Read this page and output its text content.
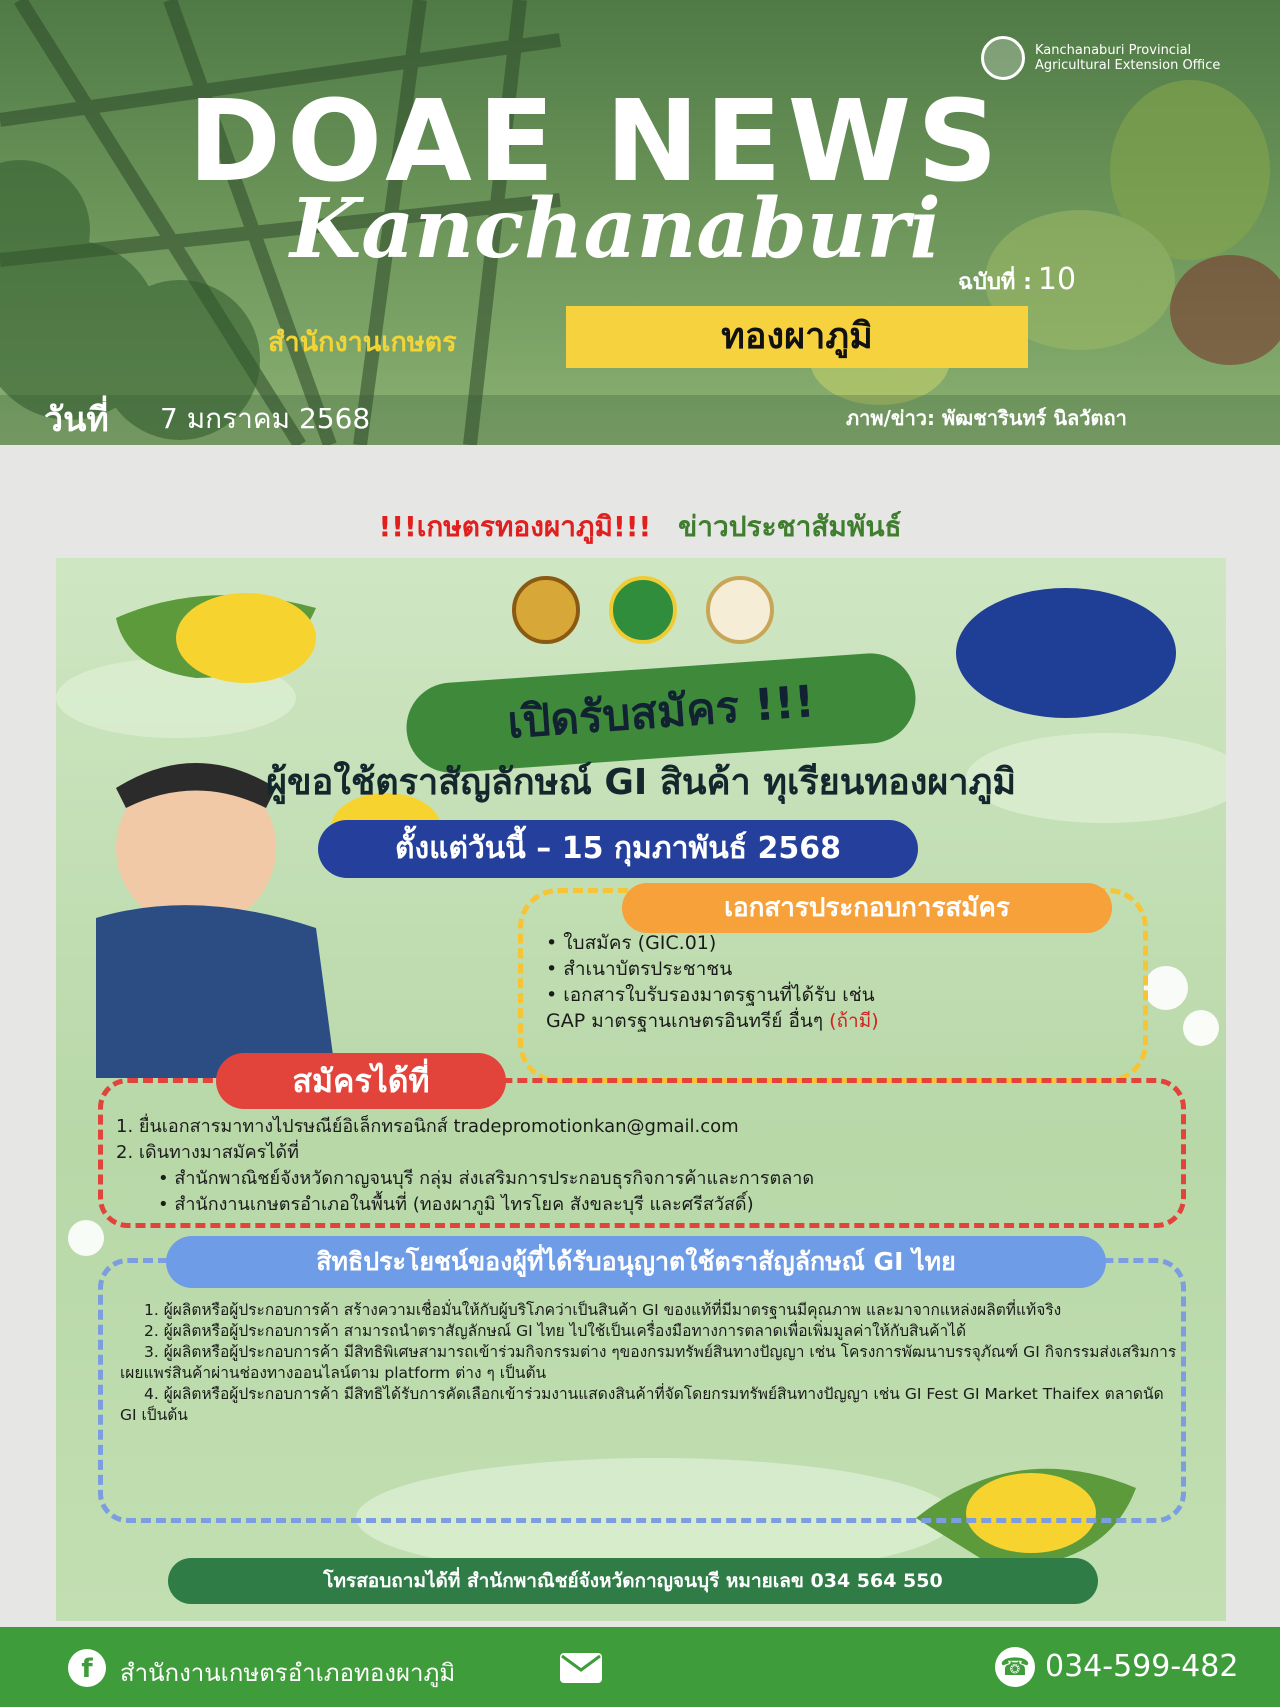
Kanchanaburi Provincial Agricultural Extension Office
DOAE NEWS
Kanchanaburi
ฉบับที่ : 10
สำนักงานเกษตร	ทองผาภูมิ
วันที่ 7 มกราคม 2568	ภาพ/ข่าว: พัฒชารินทร์ นิลวัตถา
!!!เกษตรทองผาภูมิ!!! ข่าวประชาสัมพันธ์
เปิดรับสมัคร !!!
ผู้ขอใช้ตราสัญลักษณ์ GI สินค้า ทุเรียนทองผาภูมิ
ตั้งแต่วันนี้ – 15 กุมภาพันธ์ 2568
เอกสารประกอบการสมัคร
• ใบสมัคร (GIC.01)
• สำเนาบัตรประชาชน
• เอกสารใบรับรองมาตรฐานที่ได้รับ เช่น
GAP มาตรฐานเกษตรอินทรีย์ อื่นๆ (ถ้ามี)
สมัครได้ที่
1. ยื่นเอกสารมาทางไปรษณีย์อิเล็กทรอนิกส์ tradepromotionkan@gmail.com
2. เดินทางมาสมัครได้ที่
• สำนักพาณิชย์จังหวัดกาญจนบุรี กลุ่ม ส่งเสริมการประกอบธุรกิจการค้าและการตลาด
• สำนักงานเกษตรอำเภอในพื้นที่ (ทองผาภูมิ ไทรโยค สังขละบุรี และศรีสวัสดิ์)
สิทธิประโยชน์ของผู้ที่ได้รับอนุญาตใช้ตราสัญลักษณ์ GI ไทย

1. ผู้ผลิตหรือผู้ประกอบการค้า สร้างความเชื่อมั่นให้กับผู้บริโภคว่าเป็นสินค้า GI ของแท้ที่มีมาตรฐานมีคุณภาพ และมาจากแหล่งผลิตที่แท้จริง

2. ผู้ผลิตหรือผู้ประกอบการค้า สามารถนำตราสัญลักษณ์ GI ไทย ไปใช้เป็นเครื่องมือทางการตลาดเพื่อเพิ่มมูลค่าให้กับสินค้าได้

3. ผู้ผลิตหรือผู้ประกอบการค้า มีสิทธิพิเศษสามารถเข้าร่วมกิจกรรมต่าง ๆของกรมทรัพย์สินทางปัญญา เช่น โครงการพัฒนาบรรจุภัณฑ์ GI กิจกรรมส่งเสริมการเผยแพร่สินค้าผ่านช่องทางออนไลน์ตาม platform ต่าง ๆ เป็นต้น

4. ผู้ผลิตหรือผู้ประกอบการค้า มีสิทธิได้รับการคัดเลือกเข้าร่วมงานแสดงสินค้าที่จัดโดยกรมทรัพย์สินทางปัญญา เช่น GI Fest GI Market Thaifex ตลาดนัด GI เป็นต้น

โทรสอบถามได้ที่ สำนักพาณิชย์จังหวัดกาญจนบุรี หมายเลข 034 564 550
f	สำนักงานเกษตรอำเภอทองผาภูมิ	☎ 034-599-482
